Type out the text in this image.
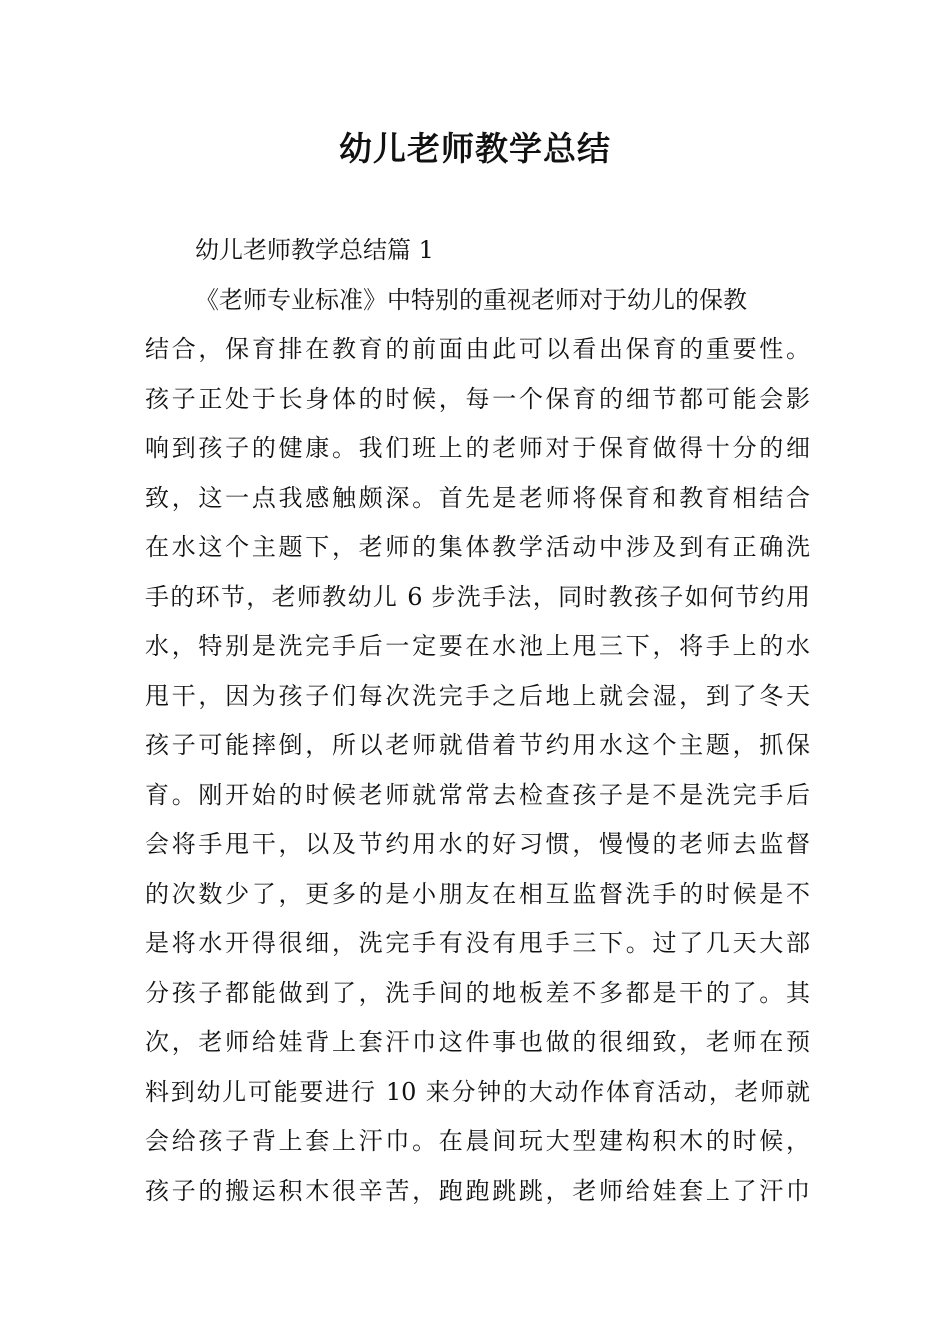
幼儿老师教学总结
幼儿老师教学总结篇 1
《老师专业标准》中特别的重视老师对于幼儿的保教
结合，保育排在教育的前面由此可以看出保育的重要性。
孩子正处于长身体的时候，每一个保育的细节都可能会影
响到孩子的健康。我们班上的老师对于保育做得十分的细
致，这一点我感触颇深。首先是老师将保育和教育相结合
在水这个主题下，老师的集体教学活动中涉及到有正确洗
手的环节，老师教幼儿 6 步洗手法，同时教孩子如何节约用
水，特别是洗完手后一定要在水池上甩三下，将手上的水
甩干，因为孩子们每次洗完手之后地上就会湿，到了冬天
孩子可能摔倒，所以老师就借着节约用水这个主题，抓保
育。刚开始的时候老师就常常去检查孩子是不是洗完手后
会将手甩干，以及节约用水的好习惯，慢慢的老师去监督
的次数少了，更多的是小朋友在相互监督洗手的时候是不
是将水开得很细，洗完手有没有甩手三下。过了几天大部
分孩子都能做到了，洗手间的地板差不多都是干的了。其
次，老师给娃背上套汗巾这件事也做的很细致，老师在预
料到幼儿可能要进行 10 来分钟的大动作体育活动，老师就
会给孩子背上套上汗巾。在晨间玩大型建构积木的时候，
孩子的搬运积木很辛苦，跑跑跳跳，老师给娃套上了汗巾
